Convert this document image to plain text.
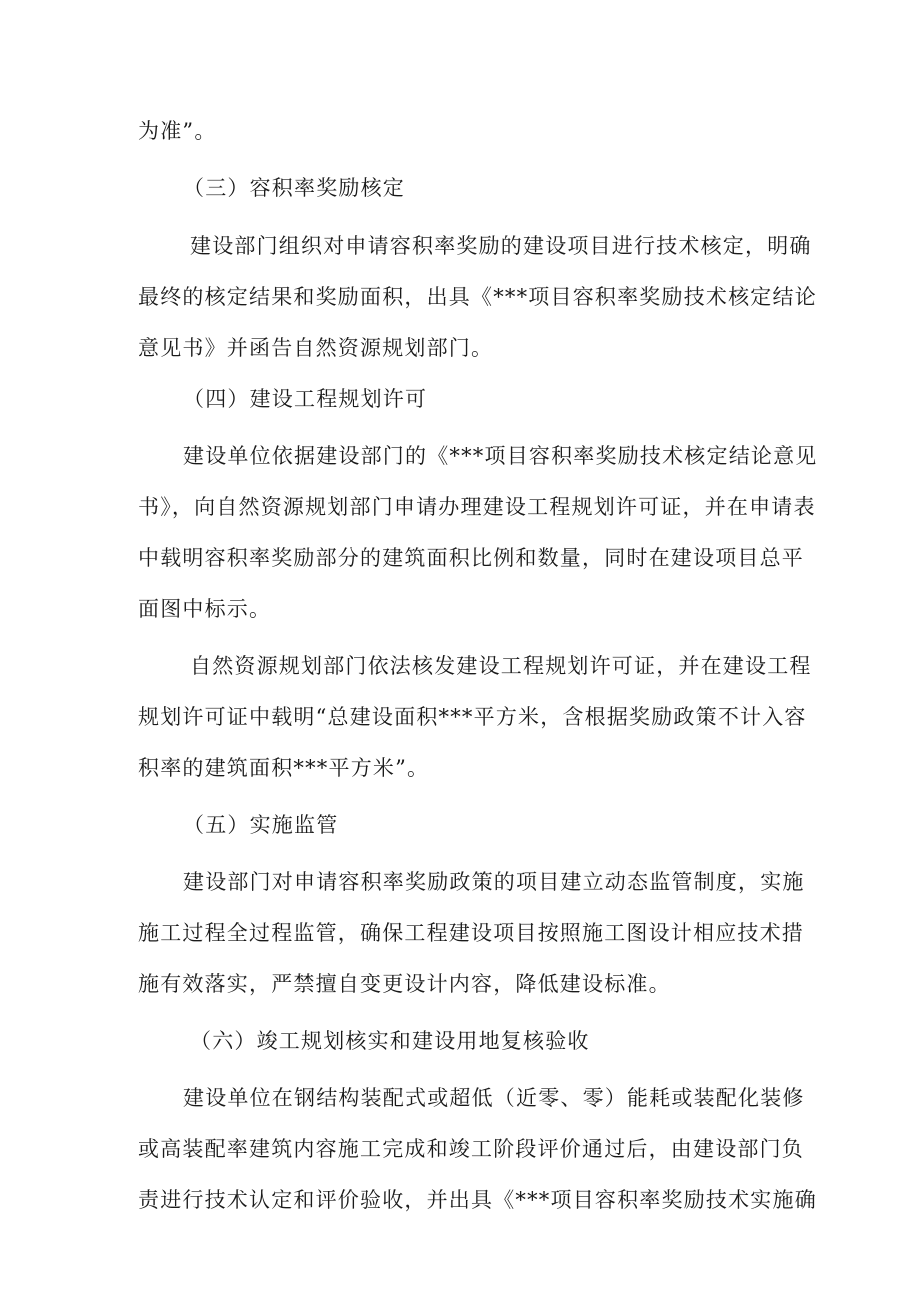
为准”。
（三）容积率奖励核定
建设部门组织对申请容积率奖励的建设项目进行技术核定，明确
最终的核定结果和奖励面积，出具《***项目容积率奖励技术核定结论
意见书》并函告自然资源规划部门。
（四）建设工程规划许可
建设单位依据建设部门的《***项目容积率奖励技术核定结论意见
书》，向自然资源规划部门申请办理建设工程规划许可证，并在申请表
中载明容积率奖励部分的建筑面积比例和数量，同时在建设项目总平
面图中标示。
自然资源规划部门依法核发建设工程规划许可证，并在建设工程
规划许可证中载明“总建设面积***平方米，含根据奖励政策不计入容
积率的建筑面积***平方米”。
（五）实施监管
建设部门对申请容积率奖励政策的项目建立动态监管制度，实施
施工过程全过程监管，确保工程建设项目按照施工图设计相应技术措
施有效落实，严禁擅自变更设计内容，降低建设标准。
（六）竣工规划核实和建设用地复核验收
建设单位在钢结构装配式或超低（近零、零）能耗或装配化装修
或高装配率建筑内容施工完成和竣工阶段评价通过后，由建设部门负
责进行技术认定和评价验收，并出具《***项目容积率奖励技术实施确
